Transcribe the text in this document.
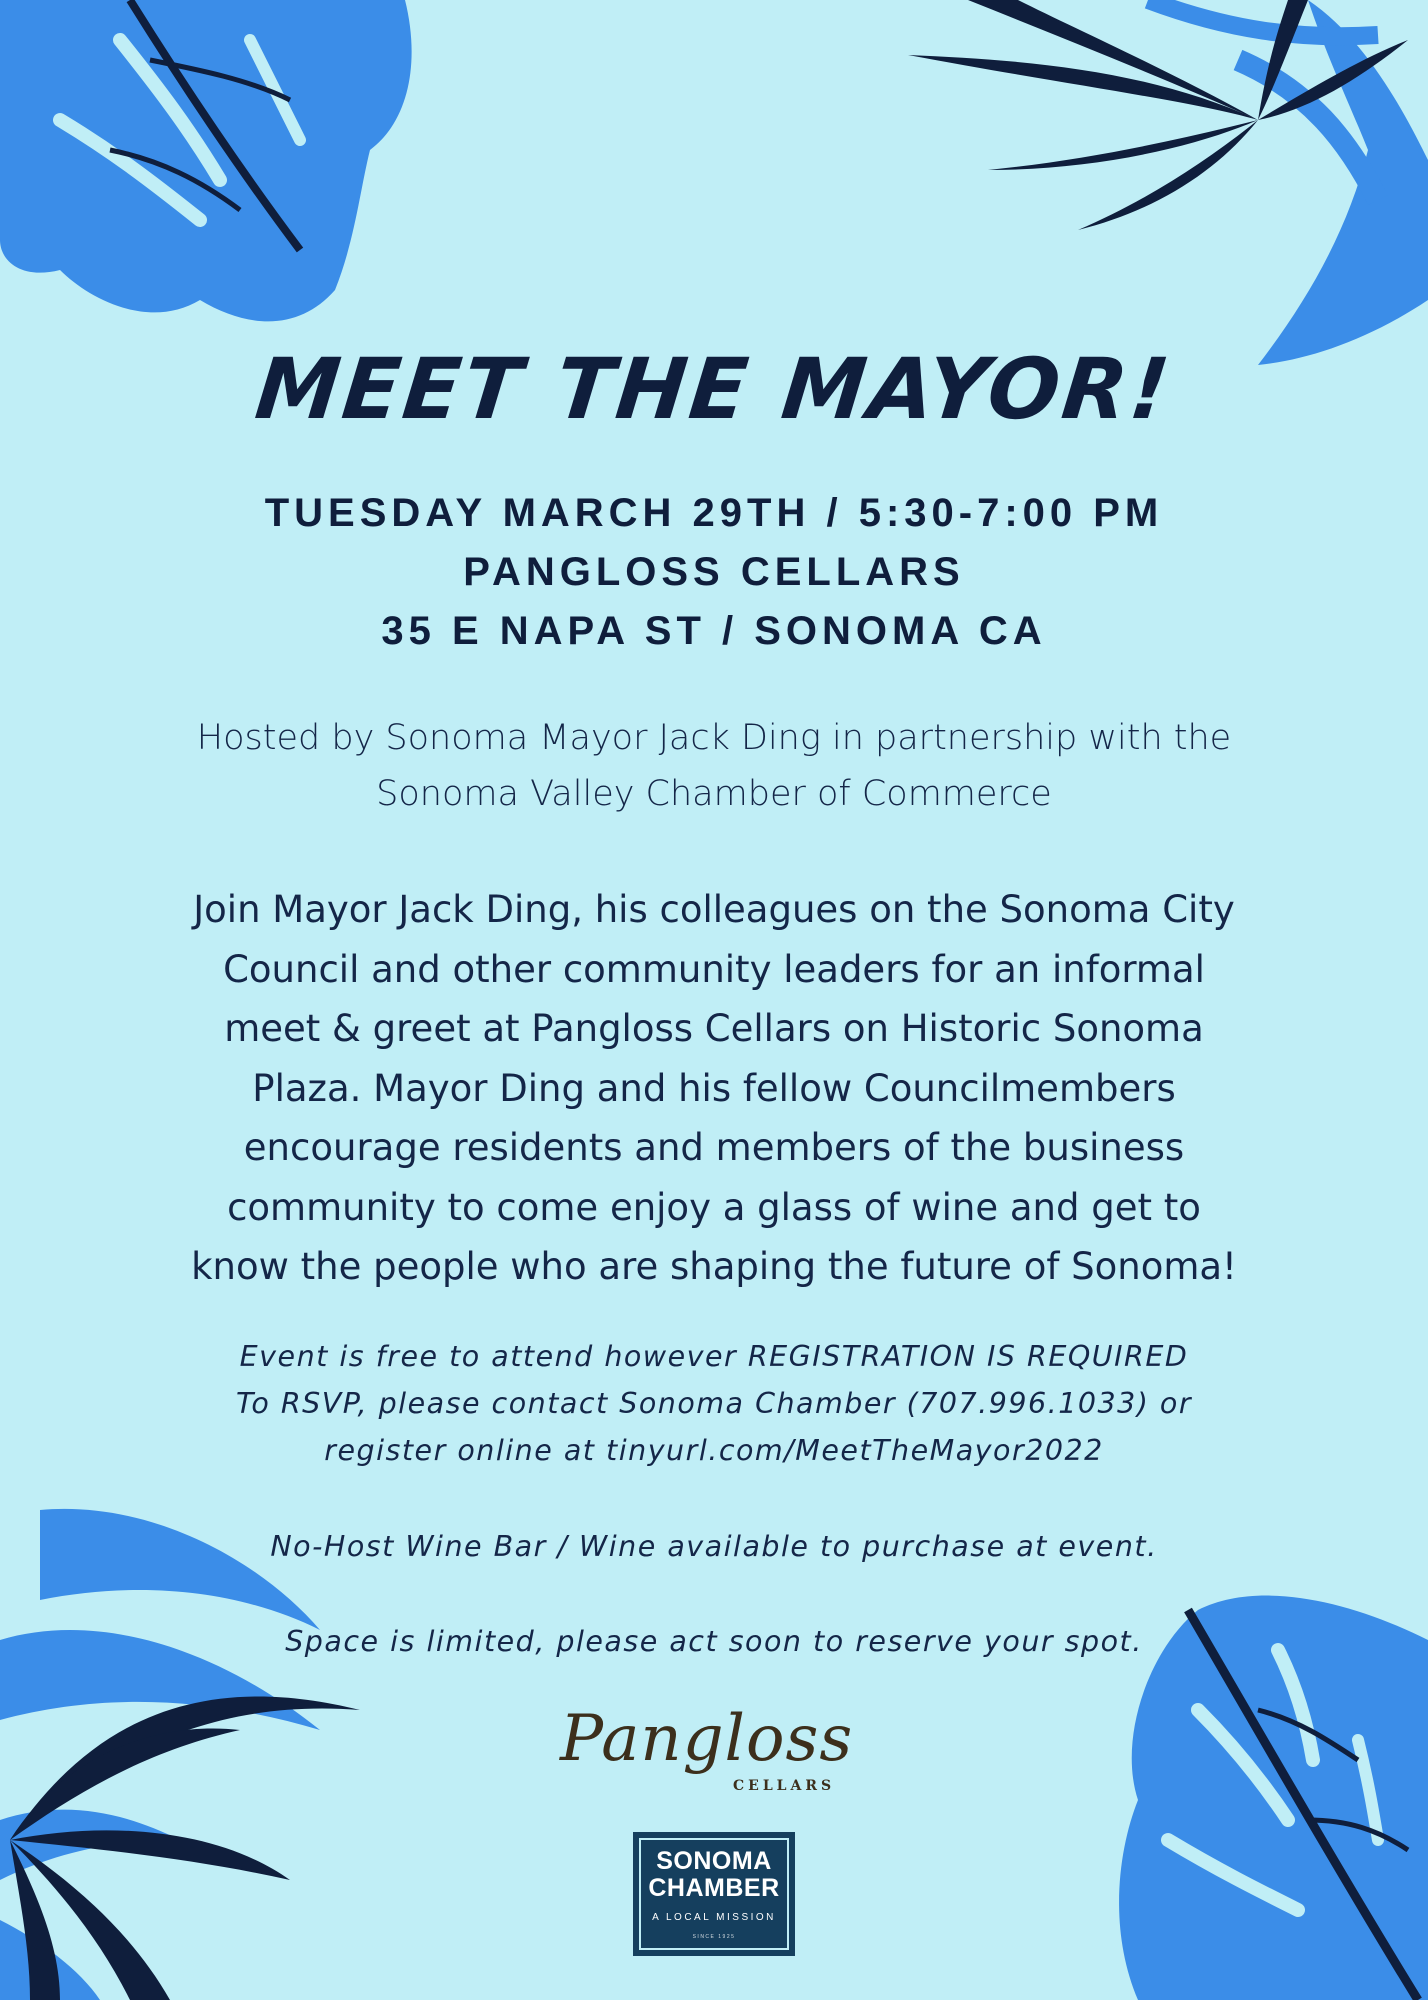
MEET THE MAYOR!
TUESDAY MARCH 29TH / 5:30-7:00 PM
PANGLOSS CELLARS
35 E NAPA ST / SONOMA CA
Hosted by Sonoma Mayor Jack Ding in partnership with the
Sonoma Valley Chamber of Commerce
Join Mayor Jack Ding, his colleagues on the Sonoma City
Council and other community leaders for an informal
meet & greet at Pangloss Cellars on Historic Sonoma
Plaza. Mayor Ding and his fellow Councilmembers
encourage residents and members of the business
community to come enjoy a glass of wine and get to
know the people who are shaping the future of Sonoma!
Event is free to attend however REGISTRATION IS REQUIRED
To RSVP, please contact Sonoma Chamber (707.996.1033) or
register online at tinyurl.com/MeetTheMayor2022
No-Host Wine Bar / Wine available to purchase at event.
Space is limited, please act soon to reserve your spot.
Pangloss
CELLARS
SONOMA
CHAMBER
A LOCAL MISSION
SINCE 1925
